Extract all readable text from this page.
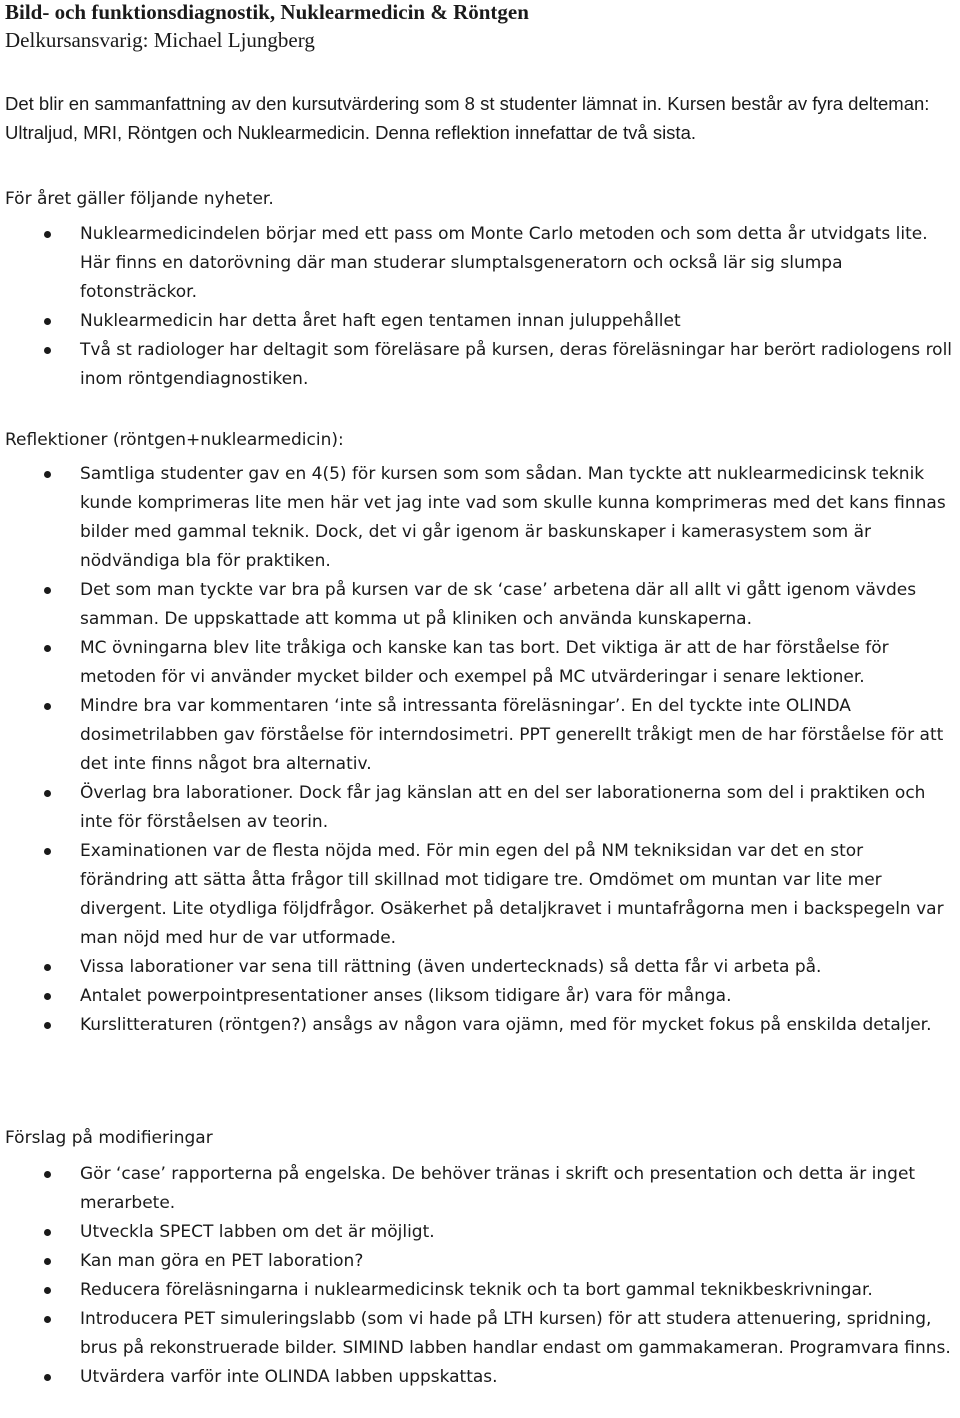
Bild- och funktionsdiagnostik, Nuklearmedicin & Röntgen
Delkursansvarig: Michael Ljungberg

Det blir en sammanfattning av den kursutvärdering som 8 st studenter lämnat in. Kursen består av fyra delteman: Ultraljud, MRI, Röntgen och Nuklearmedicin. Denna reflektion innefattar de två sista.

För året gäller följande nyheter.
Nuklearmedicindelen börjar med ett pass om Monte Carlo metoden och som detta år utvidgats lite. Här finns en datorövning där man studerar slumptalsgeneratorn och också lär sig slumpa fotonsträckor.
Nuklearmedicin har detta året haft egen tentamen innan juluppehållet
Två st radiologer har deltagit som föreläsare på kursen, deras föreläsningar har berört radiologens roll inom röntgendiagnostiken.
Reflektioner (röntgen+nuklearmedicin):
Samtliga studenter gav en 4(5) för kursen som som sådan. Man tyckte att nuklearmedicinsk teknik kunde komprimeras lite men här vet jag inte vad som skulle kunna komprimeras med det kans finnas bilder med gammal teknik. Dock, det vi går igenom är baskunskaper i kamerasystem som är nödvändiga bla för praktiken.
Det som man tyckte var bra på kursen var de sk ‘case’ arbetena där all allt vi gått igenom vävdes samman. De uppskattade att komma ut på kliniken och använda kunskaperna.
MC övningarna blev lite tråkiga och kanske kan tas bort. Det viktiga är att de har förståelse för metoden för vi använder mycket bilder och exempel på MC utvärderingar i senare lektioner.
Mindre bra var kommentaren ‘inte så intressanta föreläsningar’. En del tyckte inte OLINDA dosimetrilabben gav förståelse för interndosimetri. PPT generellt tråkigt men de har förståelse för att det inte finns något bra alternativ.
Överlag bra laborationer. Dock får jag känslan att en del ser laborationerna som del i praktiken och inte för förståelsen av teorin.
Examinationen var de flesta nöjda med. För min egen del på NM tekniksidan var det en stor förändring att sätta åtta frågor till skillnad mot tidigare tre. Omdömet om muntan var lite mer divergent. Lite otydliga följdfrågor. Osäkerhet på detaljkravet i muntafrågorna men i backspegeln var man nöjd med hur de var utformade.
Vissa laborationer var sena till rättning (även undertecknads) så detta får vi arbeta på.
Antalet powerpointpresentationer anses (liksom tidigare år) vara för många.
Kurslitteraturen (röntgen?) ansågs av någon vara ojämn, med för mycket fokus på enskilda detaljer.
Förslag på modifieringar
Gör ‘case’ rapporterna på engelska. De behöver tränas i skrift och presentation och detta är inget merarbete.
Utveckla SPECT labben om det är möjligt.
Kan man göra en PET laboration?
Reducera föreläsningarna i nuklearmedicinsk teknik och ta bort gammal teknikbeskrivningar.
Introducera PET simuleringslabb (som vi hade på LTH kursen) för att studera attenuering, spridning, brus på rekonstruerade bilder. SIMIND labben handlar endast om gammakameran. Programvara finns.
Utvärdera varför inte OLINDA labben uppskattas.
